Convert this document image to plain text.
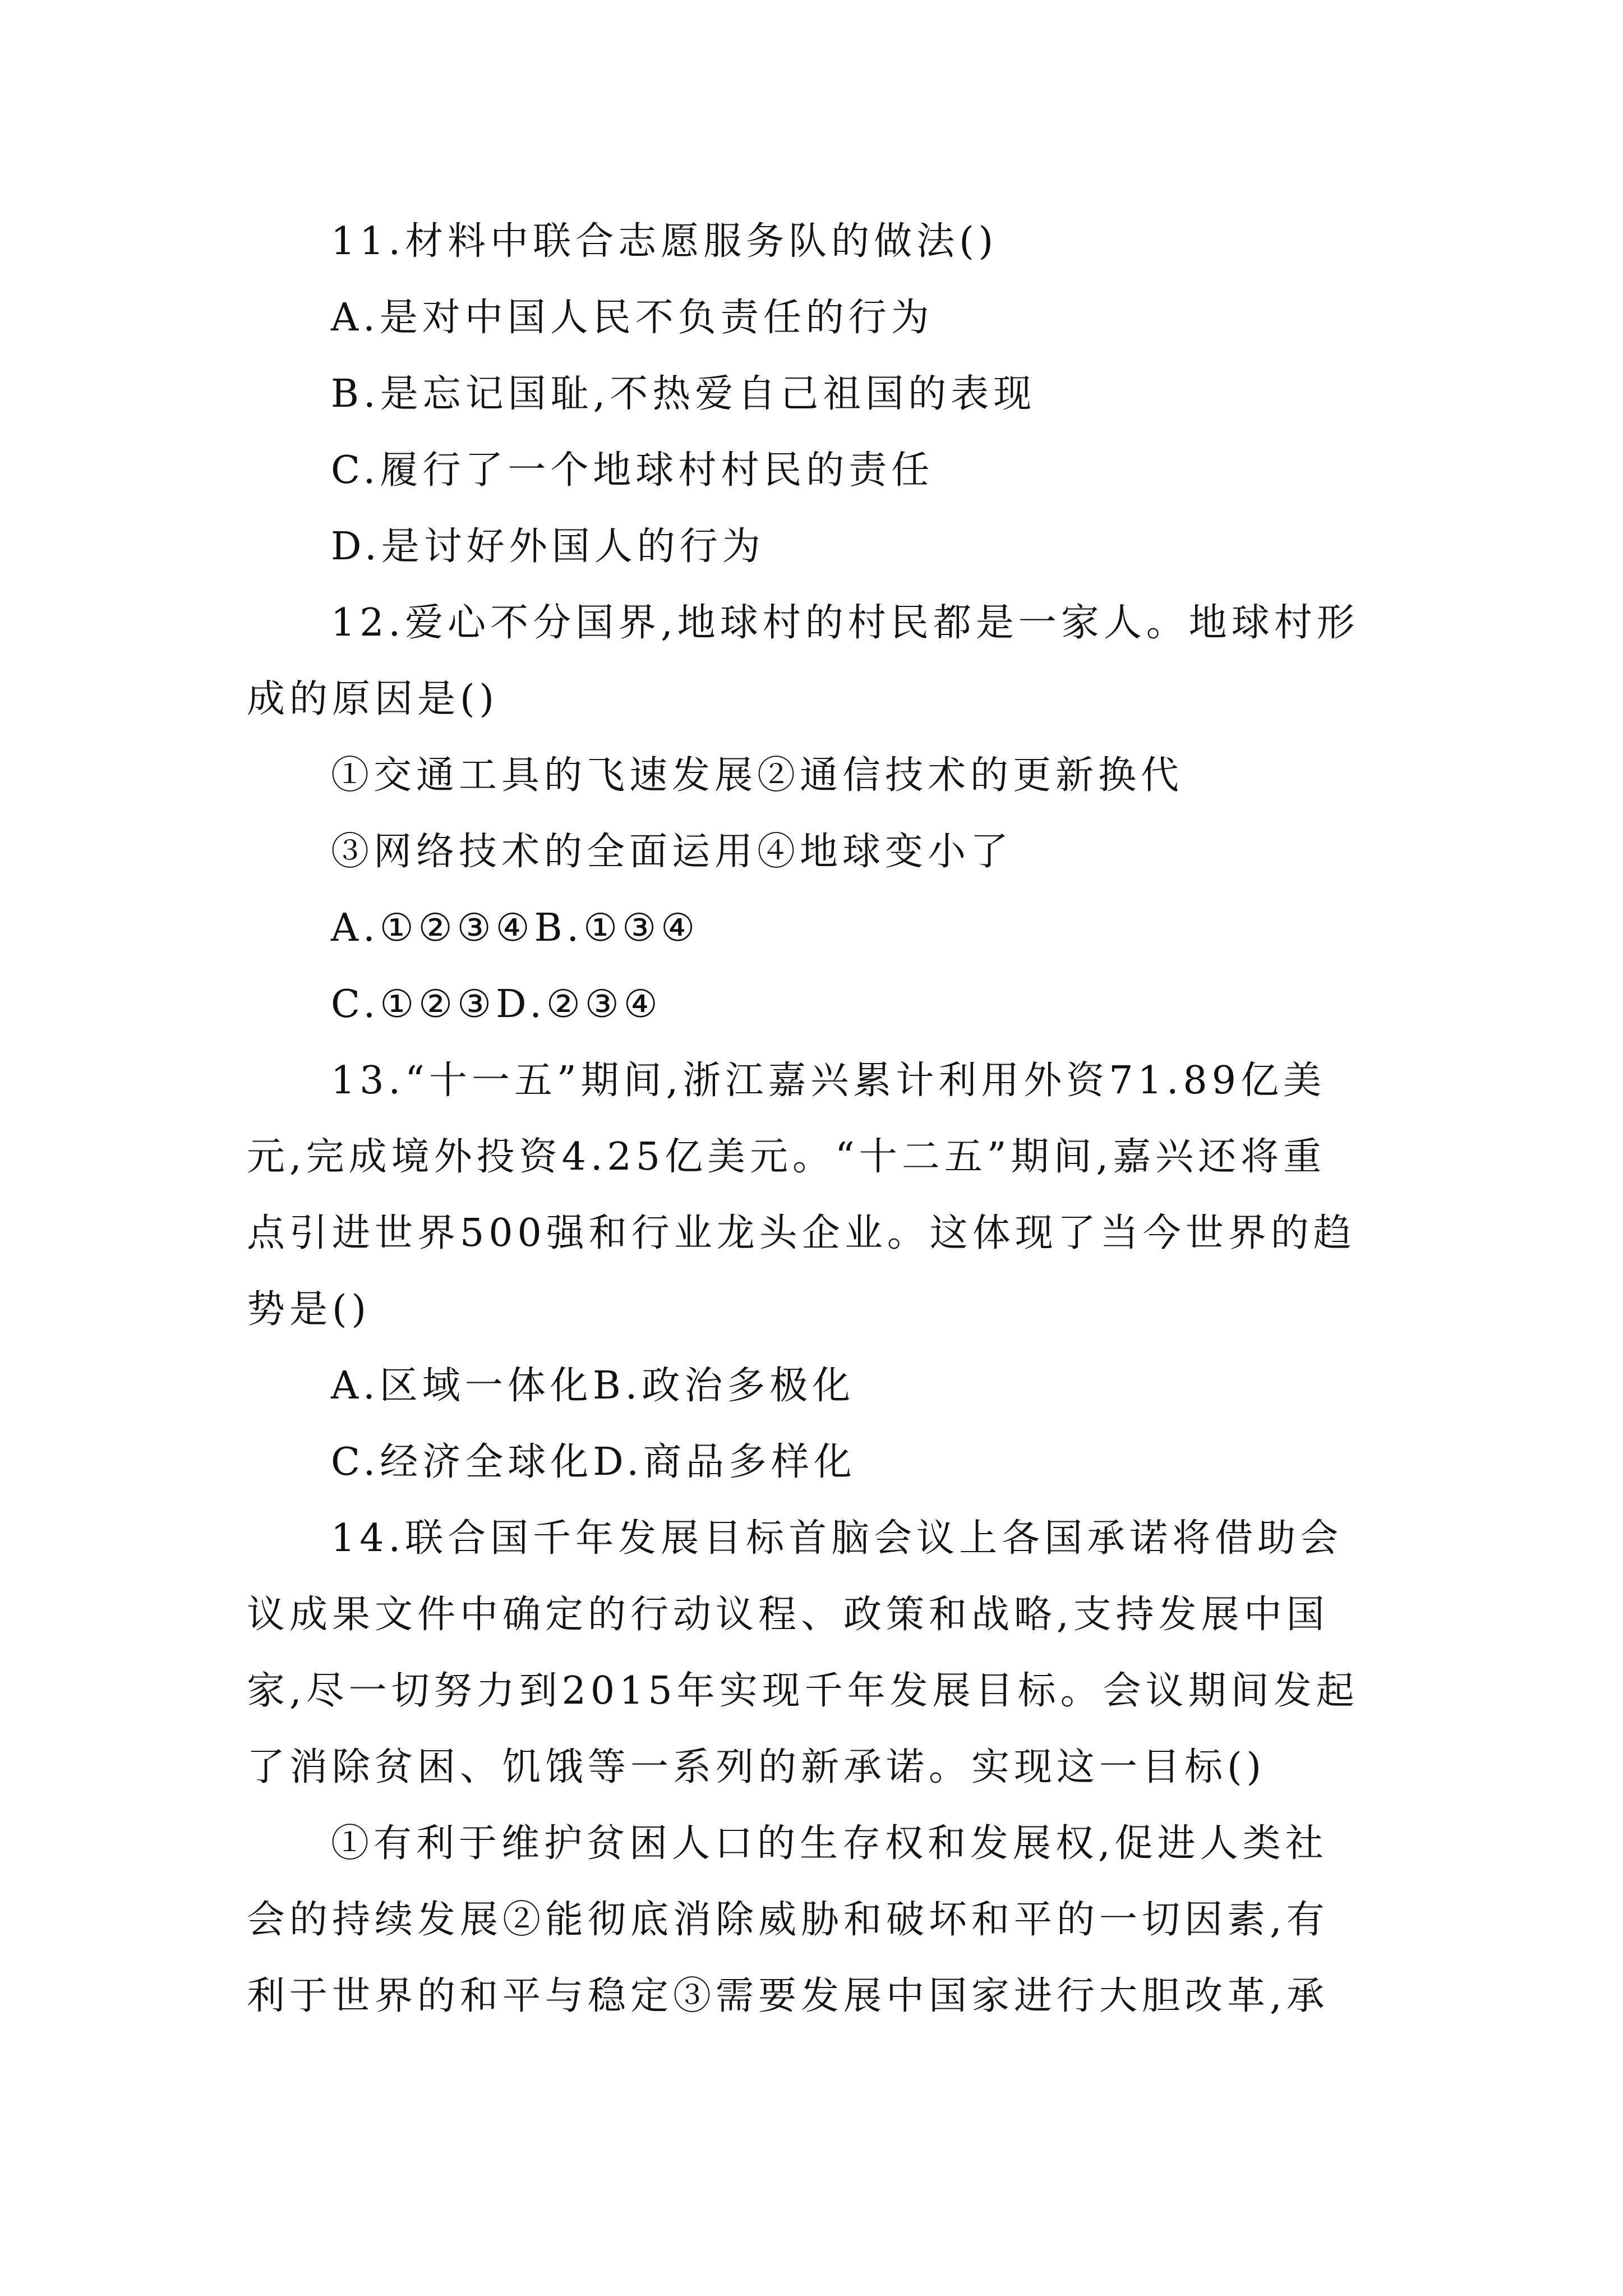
11.材料中联合志愿服务队的做法()
A.是对中国人民不负责任的行为
B.是忘记国耻,不热爱自己祖国的表现
C.履行了一个地球村村民的责任
D.是讨好外国人的行为
12.爱心不分国界,地球村的村民都是一家人。地球村形
成的原因是()
①交通工具的飞速发展②通信技术的更新换代
③网络技术的全面运用④地球变小了
A.①②③④B.①③④
C.①②③D.②③④
13.“十一五”期间,浙江嘉兴累计利用外资71.89亿美
元,完成境外投资4.25亿美元。“十二五”期间,嘉兴还将重
点引进世界500强和行业龙头企业。这体现了当今世界的趋
势是()
A.区域一体化B.政治多极化
C.经济全球化D.商品多样化
14.联合国千年发展目标首脑会议上各国承诺将借助会
议成果文件中确定的行动议程、政策和战略,支持发展中国
家,尽一切努力到2015年实现千年发展目标。会议期间发起
了消除贫困、饥饿等一系列的新承诺。实现这一目标()
①有利于维护贫困人口的生存权和发展权,促进人类社
会的持续发展②能彻底消除威胁和破坏和平的一切因素,有
利于世界的和平与稳定③需要发展中国家进行大胆改革,承
